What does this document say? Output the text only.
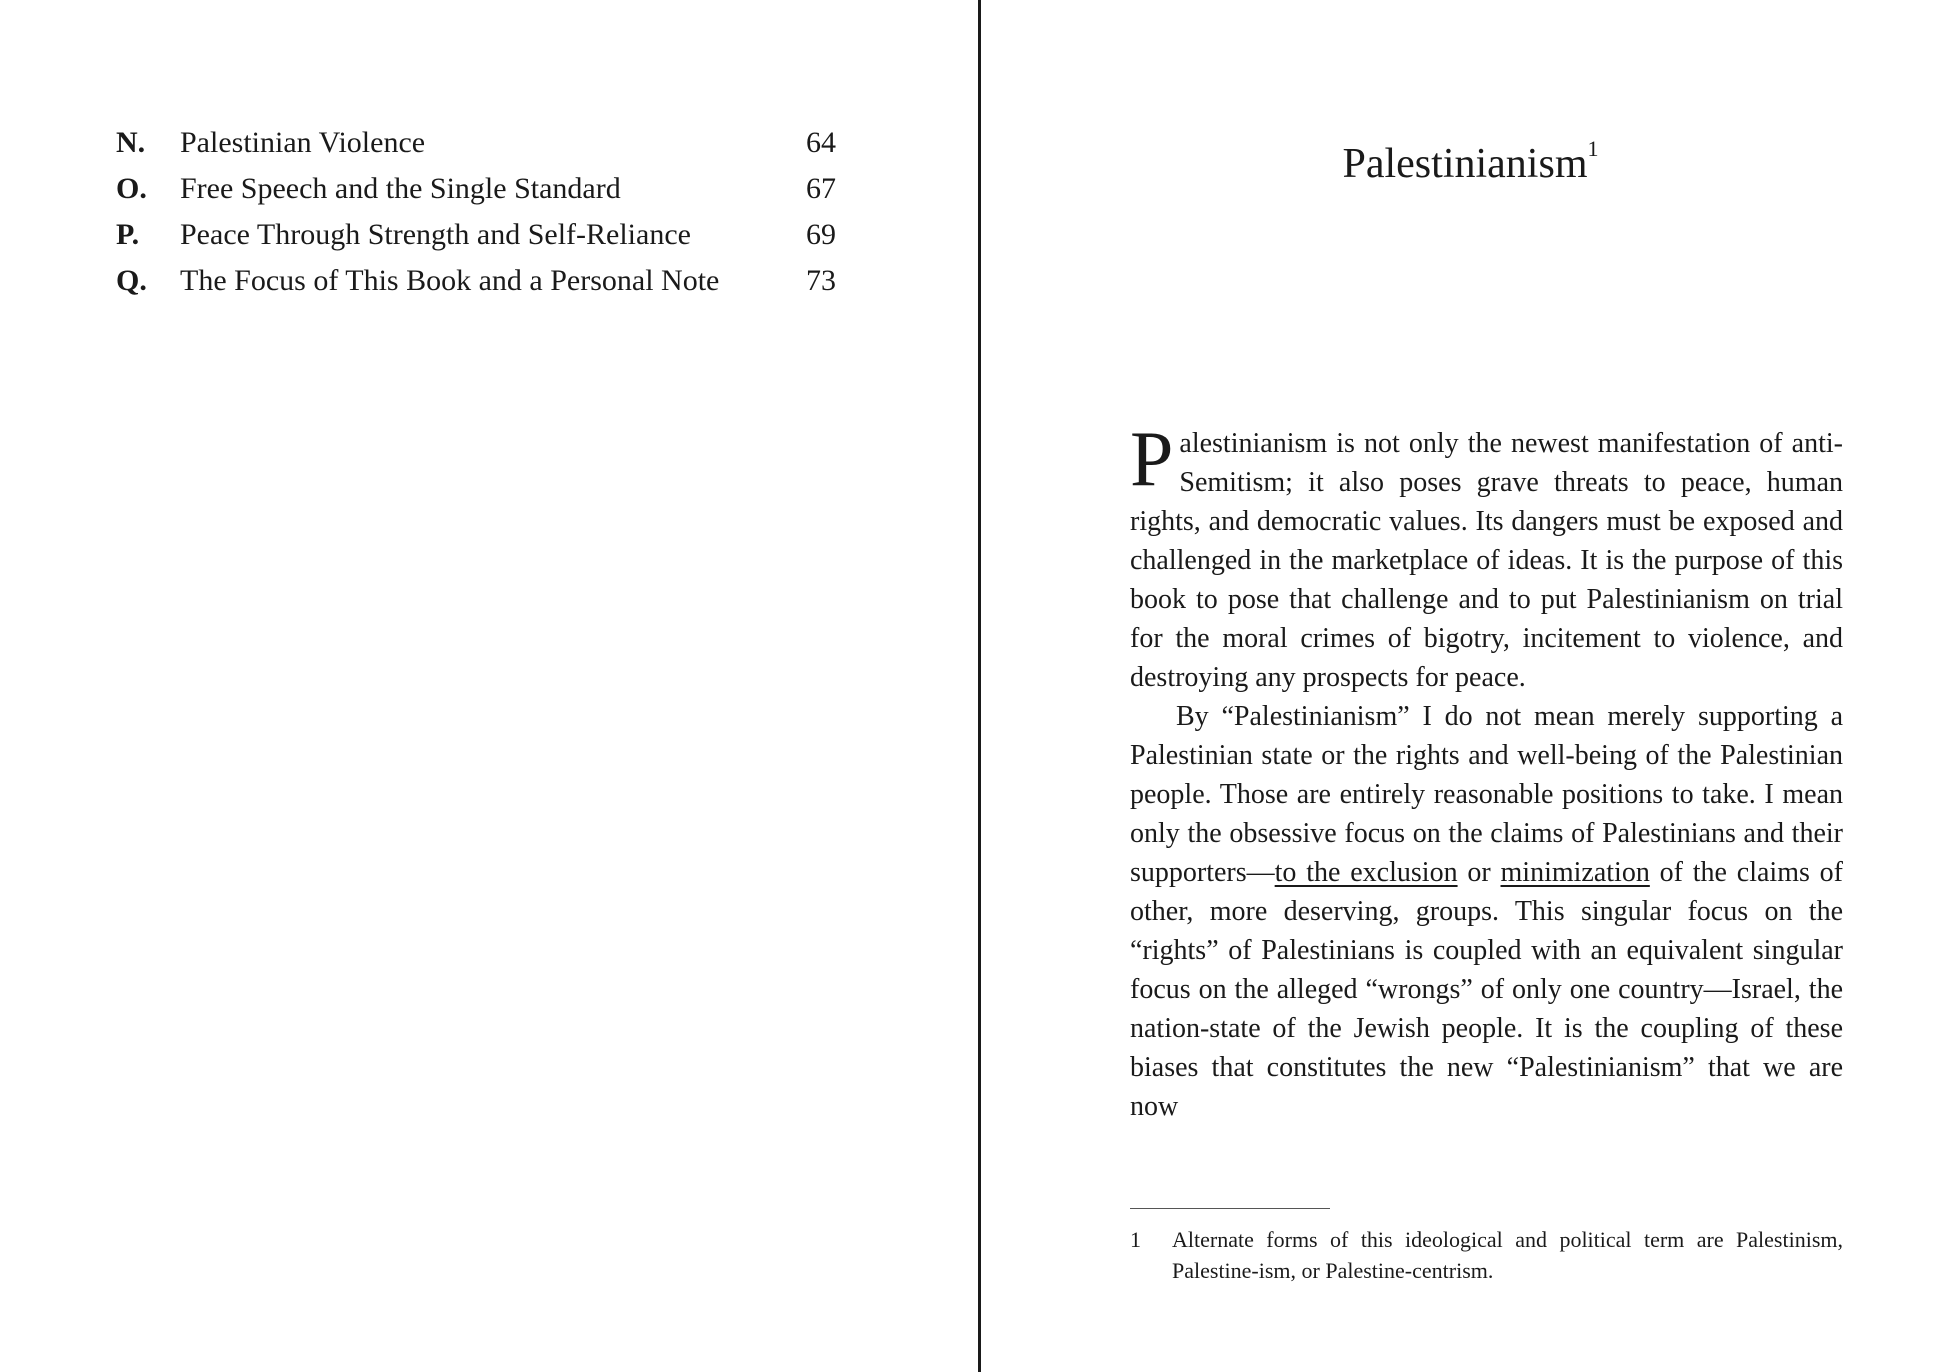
N.	Palestinian Violence	64
O.	Free Speech and the Single Standard	67
P.	Peace Through Strength and Self-Reliance	69
Q.	The Focus of This Book and a Personal Note	73
Palestinianism$^1$

Palestinianism is not only the newest manifestation of anti-Semitism; it also poses grave threats to peace, human rights, and democratic values. Its dangers must be exposed and challenged in the marketplace of ideas. It is the purpose of this book to pose that challenge and to put Palestinianism on trial for the moral crimes of bigotry, incitement to violence, and destroying any prospects for peace.

By “Palestinianism” I do not mean merely supporting a Palestinian state or the rights and well-being of the Palestinian people. Those are entirely reasonable positions to take. I mean only the obsessive focus on the claims of Palestinians and their supporters—to the exclusion or minimization of the claims of other, more deserving, groups. This singular focus on the “rights” of Palestinians is coupled with an equivalent singular focus on the alleged “wrongs” of only one country—Israel, the nation-state of the Jewish people. It is the coupling of these biases that constitutes the new “Palestinianism” that we are now

1	Alternate forms of this ideological and political term are Palestinism, Palestine-ism, or Palestine-centrism.
